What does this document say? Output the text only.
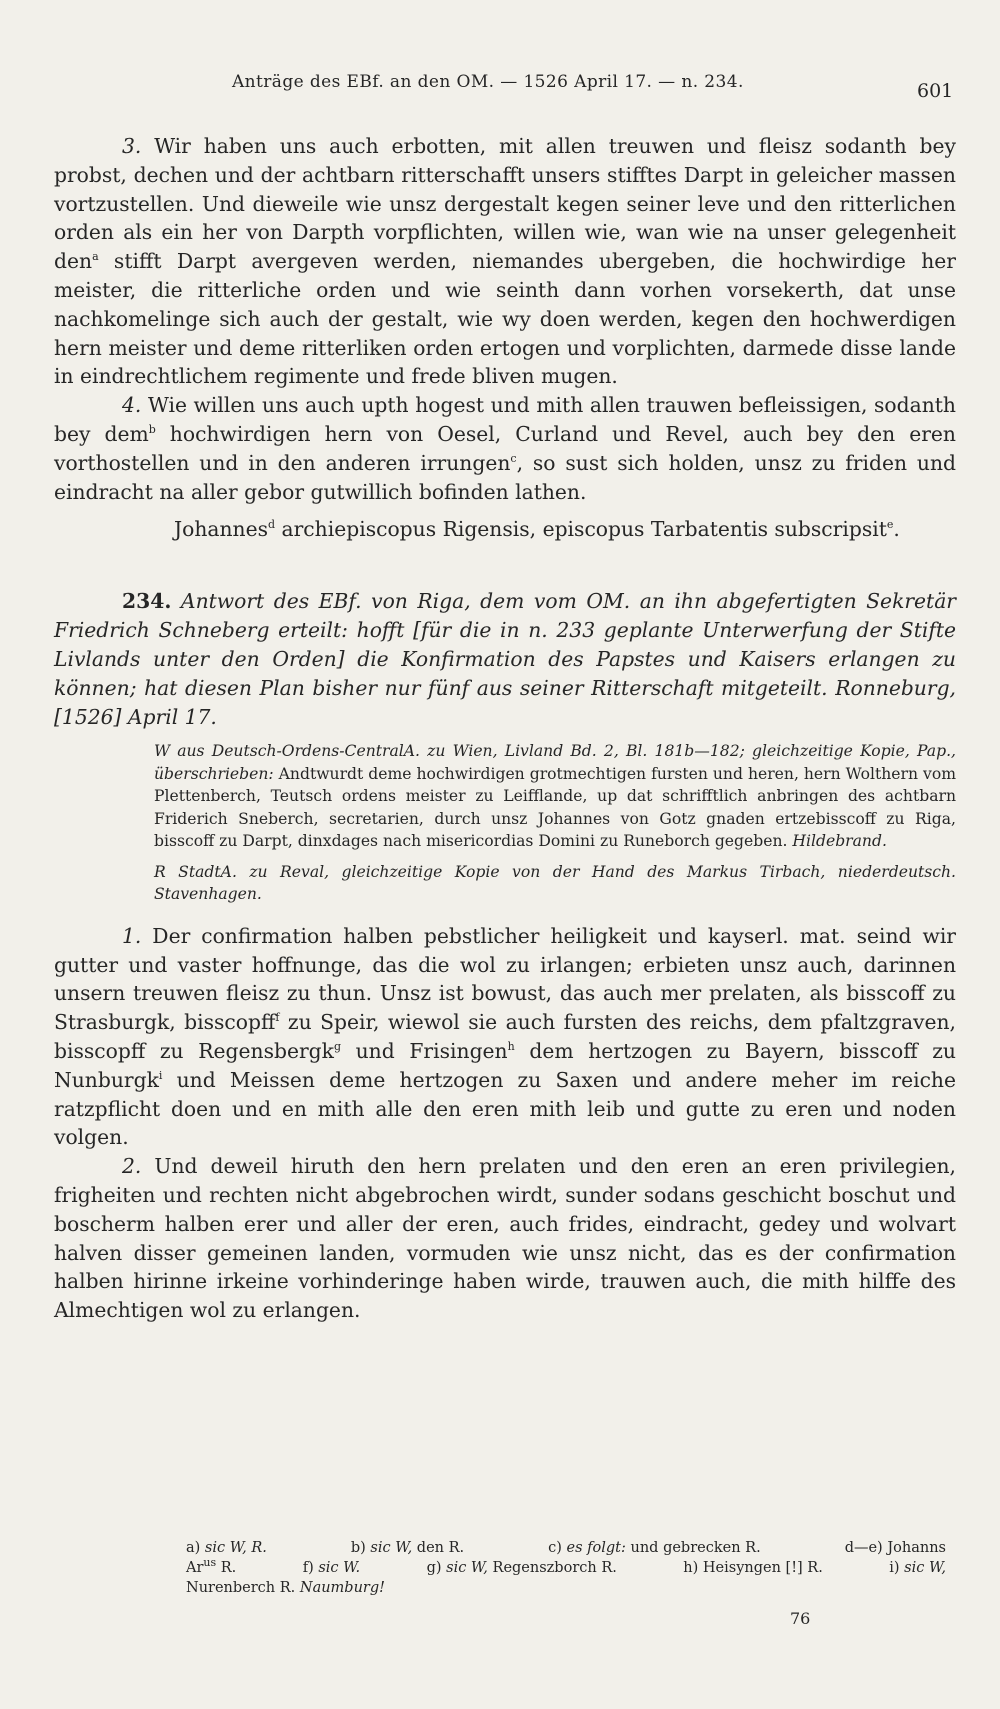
Anträge des EBf. an den OM. — 1526 April 17. — n. 234.	601

3. Wir haben uns auch erbotten, mit allen treuwen und fleisz sodanth bey probst, dechen und der achtbarn ritterschafft unsers stifftes Darpt in geleicher massen vortzustellen. Und dieweile wie unsz dergestalt kegen seiner leve und den ritterlichen orden als ein her von Darpth vorpflichten, willen wie, wan wie na unser gelegenheit den$^a$ stifft Darpt avergeven werden, niemandes ubergeben, die hochwirdige her meister, die ritterliche orden und wie seinth dann vorhen vorsekerth, dat unse nachkomelinge sich auch der gestalt, wie wy doen werden, kegen den hochwerdigen hern meister und deme ritterliken orden ertogen und vorplichten, darmede disse lande in eindrechtlichem regimente und frede bliven mugen.

4. Wie willen uns auch upth hogest und mith allen trauwen befleissigen, sodanth bey dem$^b$ hochwirdigen hern von Oesel, Curland und Revel, auch bey den eren vorthostellen und in den anderen irrungen$^c$, so sust sich holden, unsz zu friden und eindracht na aller gebor gutwillich bofinden lathen.

Johannes$^d$ archiepiscopus Rigensis, episcopus Tarbatentis subscripsit$^e$.

234. Antwort des EBf. von Riga, dem vom OM. an ihn abgefertigten Sekretär Friedrich Schneberg erteilt: hofft [für die in n. 233 geplante Unterwerfung der Stifte Livlands unter den Orden] die Konfirmation des Papstes und Kaisers erlangen zu können; hat diesen Plan bisher nur fünf aus seiner Ritterschaft mitgeteilt. Ronneburg, [1526] April 17.

W aus Deutsch-Ordens-CentralA. zu Wien, Livland Bd. 2, Bl. 181b—182; gleichzeitige Kopie, Pap., überschrieben: Andtwurdt deme hochwirdigen grotmechtigen fursten und heren, hern Wolthern vom Plettenberch, Teutsch ordens meister zu Leifflande, up dat schrifftlich anbringen des achtbarn Friderich Sneberch, secretarien, durch unsz Johannes von Gotz gnaden ertzebisscoff zu Riga, bisscoff zu Darpt, dinxdages nach misericordias Domini zu Runeborch gegeben. Hildebrand.

R StadtA. zu Reval, gleichzeitige Kopie von der Hand des Markus Tirbach, niederdeutsch. Stavenhagen.

1. Der confirmation halben pebstlicher heiligkeit und kayserl. mat. seind wir gutter und vaster hoffnunge, das die wol zu irlangen; erbieten unsz auch, darinnen unsern treuwen fleisz zu thun. Unsz ist bowust, das auch mer prelaten, als bisscoff zu Strasburgk, bisscopff$^f$ zu Speir, wiewol sie auch fursten des reichs, dem pfaltzgraven, bisscopff zu Regensbergk$^g$ und Frisingen$^h$ dem hertzogen zu Bayern, bisscoff zu Nunburgk$^i$ und Meissen deme hertzogen zu Saxen und andere meher im reiche ratzpflicht doen und en mith alle den eren mith leib und gutte zu eren und noden volgen.

2. Und deweil hiruth den hern prelaten und den eren an eren privilegien, frigheiten und rechten nicht abgebrochen wirdt, sunder sodans geschicht boschut und boscherm halben erer und aller der eren, auch frides, eindracht, gedey und wolvart halven disser gemeinen landen, vormuden wie unsz nicht, das es der confirmation halben hirinne irkeine vorhinderinge haben wirde, trauwen auch, die mith hilffe des Almechtigen wol zu erlangen.

a) sic W, R.	b) sic W, den R.	c) es folgt: und gebrecken R.	d—e) Johanns
$Ar^{us}$ R.	f) sic W.	g) sic W, Regenszborch R.	h) Heisyngen [!] R.	i) sic W,
Nurenberch R. Naumburg!
76
